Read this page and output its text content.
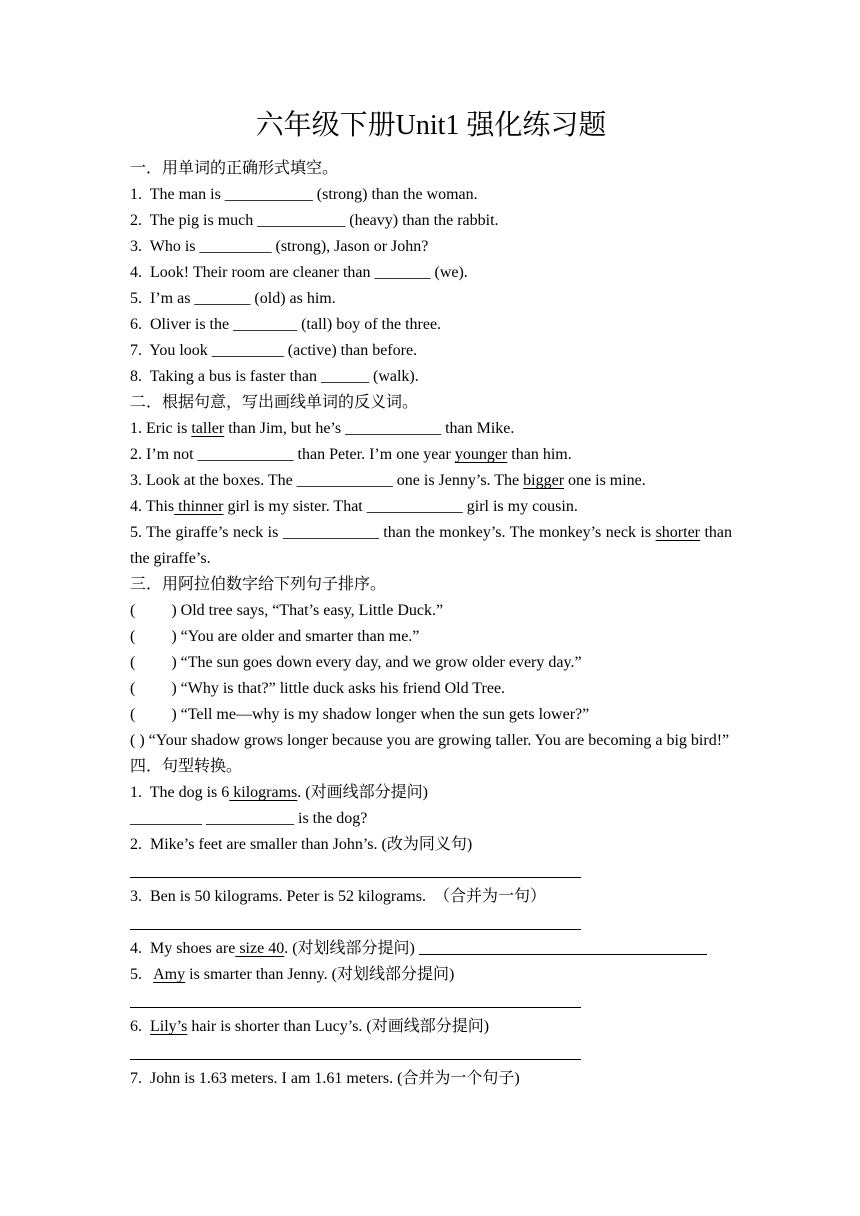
六年级下册Unit1 强化练习题
一．用单词的正确形式填空。
1.  The man is ___________ (strong) than the woman.
2.  The pig is much ___________ (heavy) than the rabbit.
3.  Who is _________ (strong), Jason or John?
4.  Look! Their room are cleaner than _______ (we).
5.  I’m as _______ (old) as him.
6.  Oliver is the ________ (tall) boy of the three.
7.  You look _________ (active) than before.
8.  Taking a bus is faster than ______ (walk).
二．根据句意，写出画线单词的反义词。
1. Eric is taller than Jim, but he’s ____________ than Mike.
2. I’m not ____________ than Peter. I’m one year younger than him.
3. Look at the boxes. The ____________ one is Jenny’s. The bigger one is mine.
4. This thinner girl is my sister. That ____________ girl is my cousin.
5. The giraffe’s neck is ____________ than the monkey’s. The monkey’s neck is shorter than the giraffe’s.
三．用阿拉伯数字给下列句子排序。
(         ) Old tree says, “That’s easy, Little Duck.”
(         ) “You are older and smarter than me.”
(         ) “The sun goes down every day, and we grow older every day.”
(         ) “Why is that?” little duck asks his friend Old Tree.
(         ) “Tell me—why is my shadow longer when the sun gets lower?”
( ) “Your shadow grows longer because you are growing taller. You are becoming a big bird!”
四．句型转换。
1.  The dog is 6 kilograms. (对画线部分提问)
_________ ___________ is the dog?
2.  Mike’s feet are smaller than John’s. (改为同义句)
3.  Ben is 50 kilograms. Peter is 52 kilograms.  （合并为一句）
4.  My shoes are size 40. (对划线部分提问)
5.   Amy is smarter than Jenny. (对划线部分提问)
6.  Lily’s hair is shorter than Lucy’s. (对画线部分提问)
7.  John is 1.63 meters. I am 1.61 meters. (合并为一个句子)
